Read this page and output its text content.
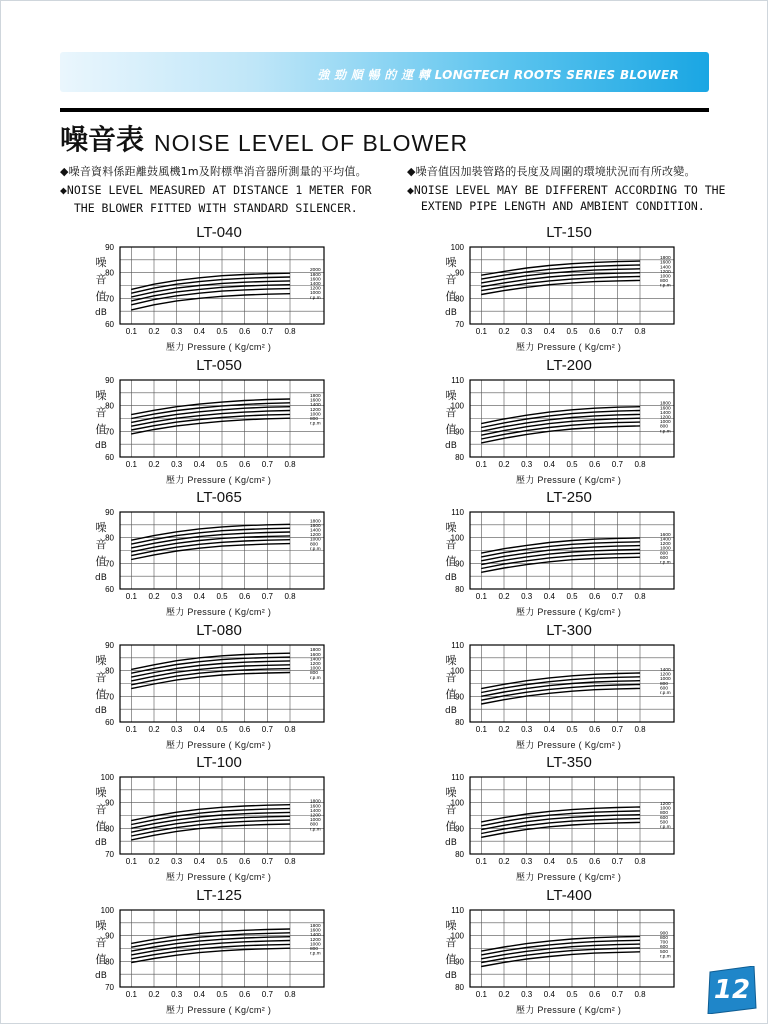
強 勁 順 暢 的 運 轉 LONGTECH ROOTS SERIES BLOWER
噪音表 NOISE LEVEL OF BLOWER
◆噪音資料係距離鼓風機1m及附標準消音器所測量的平均值。
◆NOISE LEVEL MEASURED AT DISTANCE 1 METER FOR
THE BLOWER FITTED WITH STANDARD SILENCER.
◆噪音值因加裝管路的長度及周圍的環境狀況而有所改變。
◆NOISE LEVEL MAY BE DIFFERENT ACCORDING TO THE
EXTEND PIPE LENGTH AND AMBIENT CONDITION.
LT-040
噪
音
值
dB
60
70
80
90
0.1 0.2 0.3 0.4 0.5 0.6 0.7 0.8
2000
1800
1600
1400
1200
1000
r.p.m
壓力 Pressure ( Kg/cm² )
LT-150
噪
音
值
dB
70
80
90
100
0.1 0.2 0.3 0.4 0.5 0.6 0.7 0.8
1800
1600
1400
1200
1000
800
r.p.m
壓力 Pressure ( Kg/cm² )
LT-050
噪
音
值
dB
60
70
80
90
0.1 0.2 0.3 0.4 0.5 0.6 0.7 0.8
1800
1600
1400
1200
1000
800
r.p.m
壓力 Pressure ( Kg/cm² )
LT-200
噪
音
值
dB
80
90
100
110
0.1 0.2 0.3 0.4 0.5 0.6 0.7 0.8
1800
1600
1400
1200
1000
800
r.p.m
壓力 Pressure ( Kg/cm² )
LT-065
噪
音
值
dB
60
70
80
90
0.1 0.2 0.3 0.4 0.5 0.6 0.7 0.8
1800
1600
1400
1200
1000
800
r.p.m
壓力 Pressure ( Kg/cm² )
LT-250
噪
音
值
dB
80
90
100
110
0.1 0.2 0.3 0.4 0.5 0.6 0.7 0.8
1600
1400
1200
1000
800
600
r.p.m
壓力 Pressure ( Kg/cm² )
LT-080
噪
音
值
dB
60
70
80
90
0.1 0.2 0.3 0.4 0.5 0.6 0.7 0.8
1800
1600
1400
1200
1000
800
r.p.m
壓力 Pressure ( Kg/cm² )
LT-300
噪
音
值
dB
80
90
100
110
0.1 0.2 0.3 0.4 0.5 0.6 0.7 0.8
1400
1200
1000
800
600
r.p.m
壓力 Pressure ( Kg/cm² )
LT-100
噪
音
值
dB
70
80
90
100
0.1 0.2 0.3 0.4 0.5 0.6 0.7 0.8
1800
1600
1400
1200
1000
800
r.p.m
壓力 Pressure ( Kg/cm² )
LT-350
噪
音
值
dB
80
90
100
110
0.1 0.2 0.3 0.4 0.5 0.6 0.7 0.8
1200
1000
800
600
500
r.p.m
壓力 Pressure ( Kg/cm² )
LT-125
噪
音
值
dB
70
80
90
100
0.1 0.2 0.3 0.4 0.5 0.6 0.7 0.8
1800
1600
1400
1200
1000
800
r.p.m
壓力 Pressure ( Kg/cm² )
LT-400
噪
音
值
dB
80
90
100
110
0.1 0.2 0.3 0.4 0.5 0.6 0.7 0.8
900
800
700
600
500
r.p.m
壓力 Pressure ( Kg/cm² )
12
